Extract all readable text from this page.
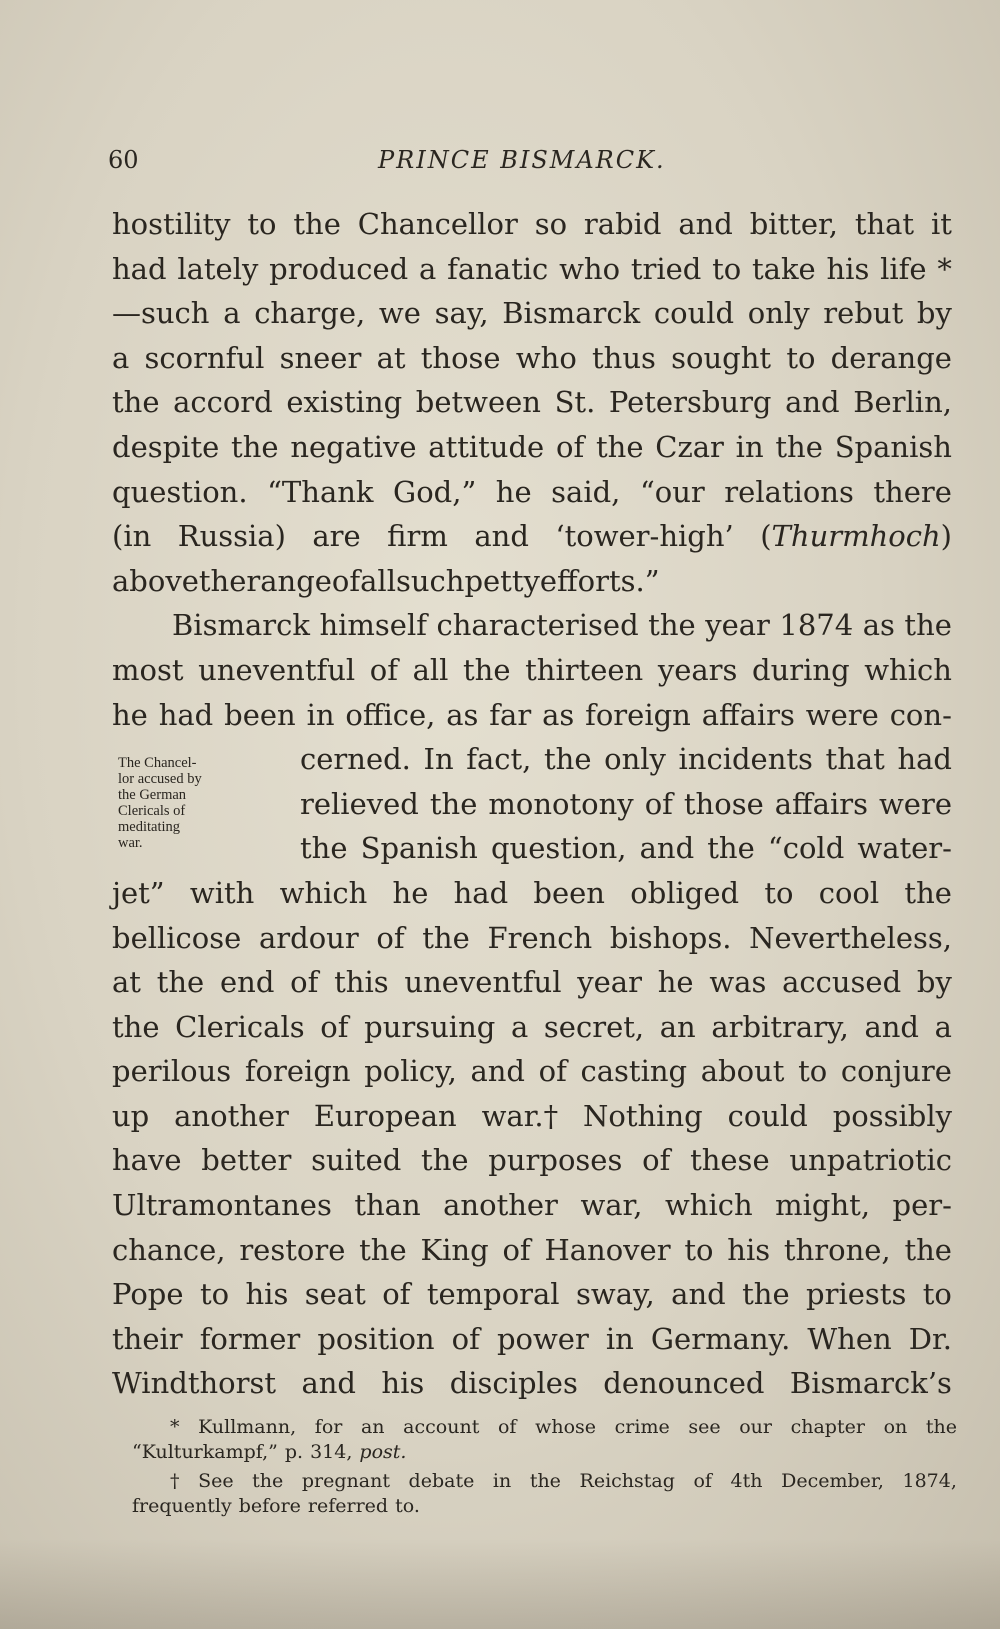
60	PRINCE BISMARCK.
hostility to the Chancellor so rabid and bitter, that it
had lately produced a fanatic who tried to take his life *
—such a charge, we say, Bismarck could only rebut by
a scornful sneer at those who thus sought to derange
the accord existing between St. Petersburg and Berlin,
despite the negative attitude of the Czar in the Spanish
question. “Thank God,” he said, “our relations there
(in Russia) are firm and ‘tower-high’ (Thurmhoch)
above the range of all such petty efforts.”
Bismarck himself characterised the year 1874 as the
most uneventful of all the thirteen years during which
he had been in office, as far as foreign affairs were con-
cerned. In fact, the only incidents that had
relieved the monotony of those affairs were
the Spanish question, and the “cold water-
jet” with which he had been obliged to cool the
bellicose ardour of the French bishops. Nevertheless,
at the end of this uneventful year he was accused by
the Clericals of pursuing a secret, an arbitrary, and a
perilous foreign policy, and of casting about to conjure
up another European war.† Nothing could possibly
have better suited the purposes of these unpatriotic
Ultramontanes than another war, which might, per-
chance, restore the King of Hanover to his throne, the
Pope to his seat of temporal sway, and the priests to
their former position of power in Germany. When Dr.
Windthorst and his disciples denounced Bismarck’s
The Chancel-
lor accused by
the German
Clericals of
meditating
war.
* Kullmann, for an account of whose crime see our chapter on the
“Kulturkampf,” p. 314, post.
† See the pregnant debate in the Reichstag of 4th December, 1874,
frequently before referred to.
